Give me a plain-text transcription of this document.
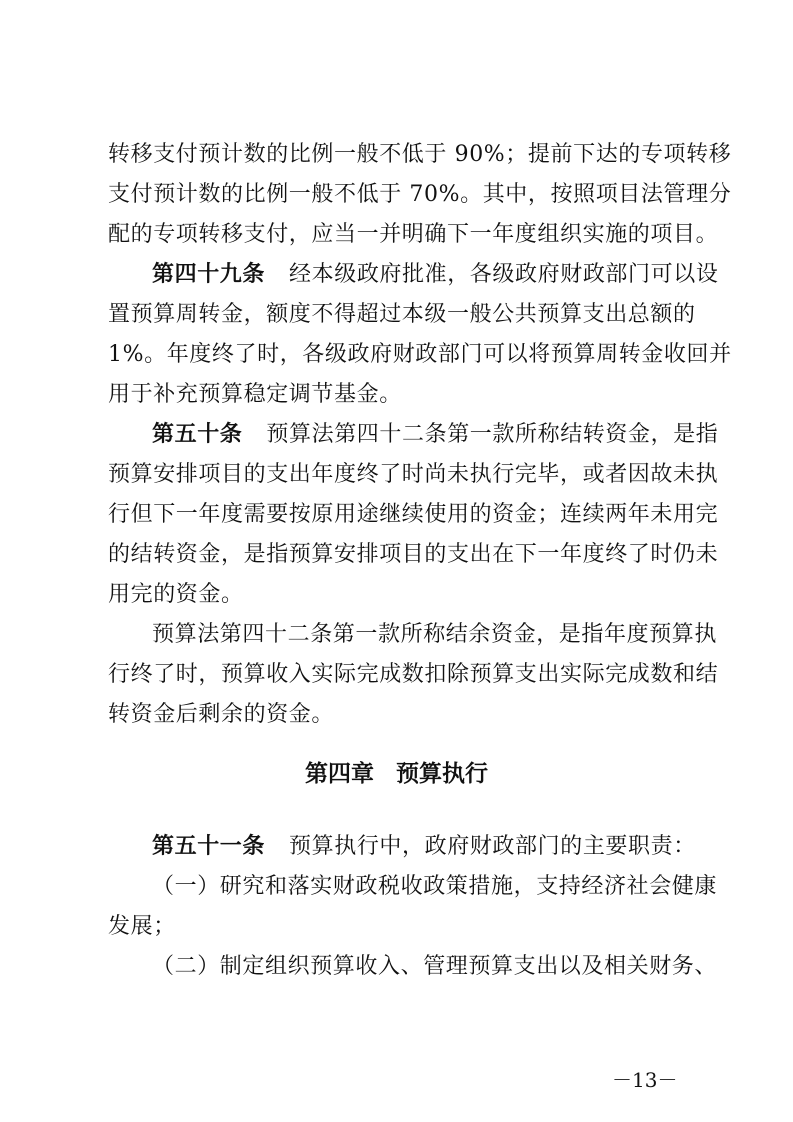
转移支付预计数的比例一般不低于 90%；提前下达的专项转移
支付预计数的比例一般不低于 70%。其中，按照项目法管理分
配的专项转移支付，应当一并明确下一年度组织实施的项目。
第四十九条 经本级政府批准，各级政府财政部门可以设
置预算周转金，额度不得超过本级一般公共预算支出总额的
1%。年度终了时，各级政府财政部门可以将预算周转金收回并
用于补充预算稳定调节基金。
第五十条 预算法第四十二条第一款所称结转资金，是指
预算安排项目的支出年度终了时尚未执行完毕，或者因故未执
行但下一年度需要按原用途继续使用的资金；连续两年未用完
的结转资金，是指预算安排项目的支出在下一年度终了时仍未
用完的资金。
预算法第四十二条第一款所称结余资金，是指年度预算执
行终了时，预算收入实际完成数扣除预算支出实际完成数和结
转资金后剩余的资金。
第四章 预算执行
第五十一条 预算执行中，政府财政部门的主要职责：
（一）研究和落实财政税收政策措施，支持经济社会健康
发展；
（二）制定组织预算收入、管理预算支出以及相关财务、
－13－
